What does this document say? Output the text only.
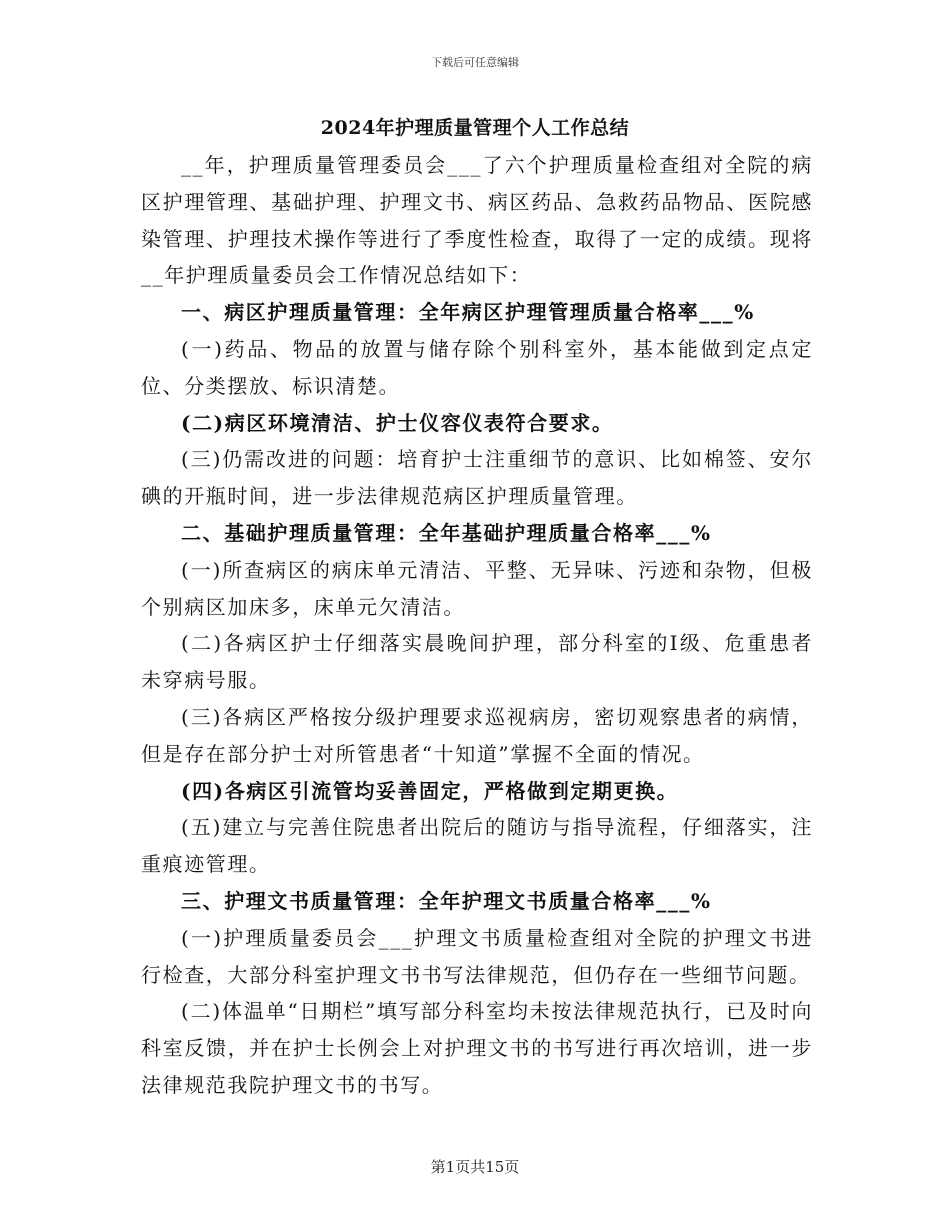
下载后可任意编辑
2024年护理质量管理个人工作总结

__年，护理质量管理委员会___了六个护理质量检查组对全院的病区护理管理、基础护理、护理文书、病区药品、急救药品物品、医院感染管理、护理技术操作等进行了季度性检查，取得了一定的成绩。现将__年护理质量委员会工作情况总结如下：

一、病区护理质量管理：全年病区护理管理质量合格率___%

(一)药品、物品的放置与储存除个别科室外，基本能做到定点定位、分类摆放、标识清楚。

(二)病区环境清洁、护士仪容仪表符合要求。

(三)仍需改进的问题：培育护士注重细节的意识、比如棉签、安尔碘的开瓶时间，进一步法律规范病区护理质量管理。

二、基础护理质量管理：全年基础护理质量合格率___%

(一)所查病区的病床单元清洁、平整、无异味、污迹和杂物，但极个别病区加床多，床单元欠清洁。

(二)各病区护士仔细落实晨晚间护理，部分科室的Ⅰ级、危重患者未穿病号服。

(三)各病区严格按分级护理要求巡视病房，密切观察患者的病情，但是存在部分护士对所管患者“十知道”掌握不全面的情况。

(四)各病区引流管均妥善固定，严格做到定期更换。

(五)建立与完善住院患者出院后的随访与指导流程，仔细落实，注重痕迹管理。

三、护理文书质量管理：全年护理文书质量合格率___%

(一)护理质量委员会___护理文书质量检查组对全院的护理文书进行检查，大部分科室护理文书书写法律规范，但仍存在一些细节问题。

(二)体温单“日期栏”填写部分科室均未按法律规范执行，已及时向科室反馈，并在护士长例会上对护理文书的书写进行再次培训，进一步法律规范我院护理文书的书写。

第1页共15页
